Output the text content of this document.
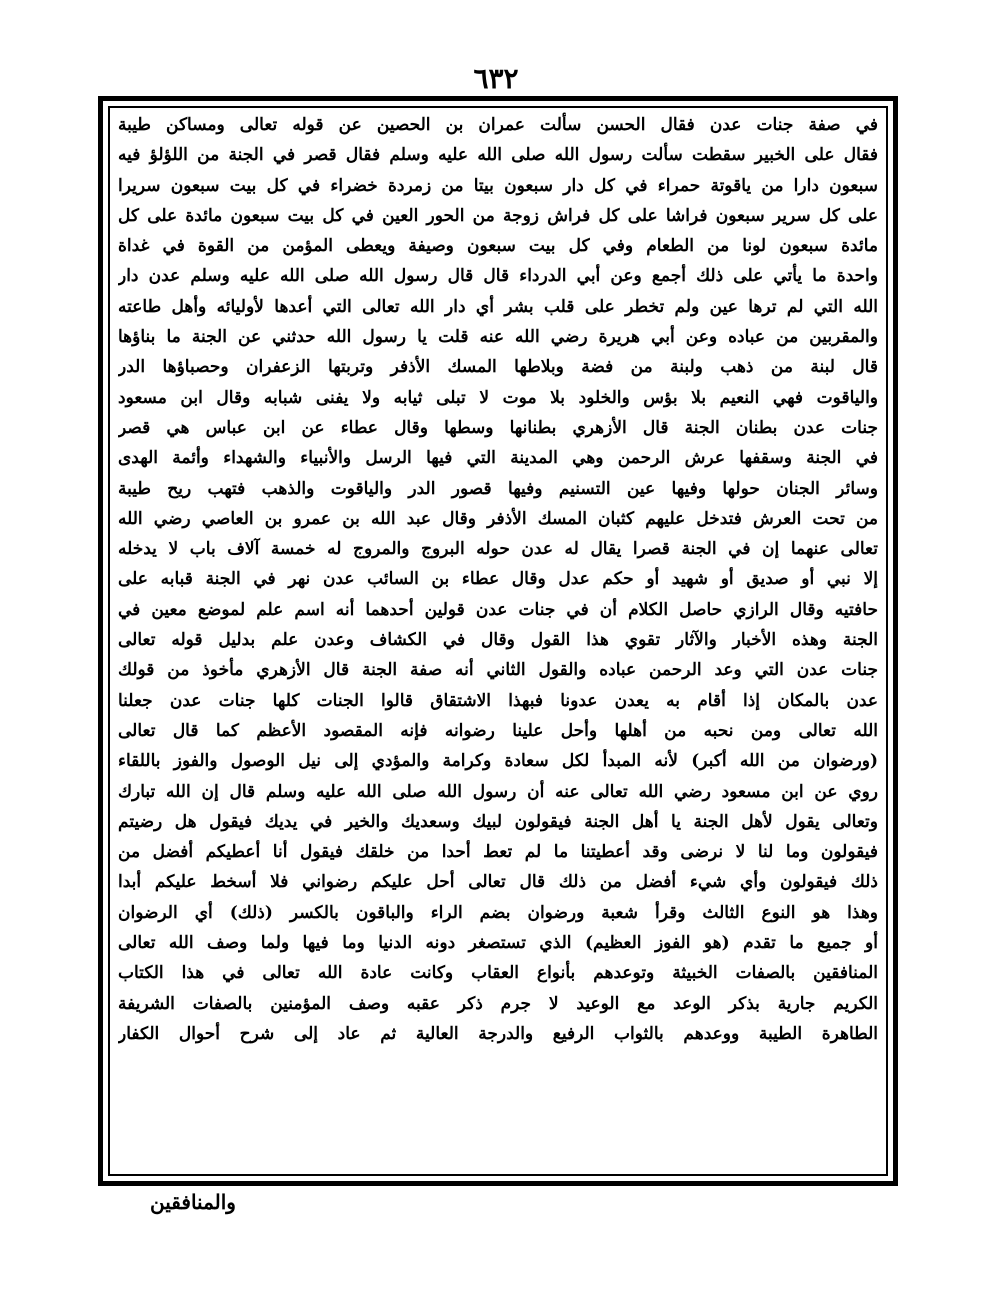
٦٣٢
في صفة جنات عدن فقال الحسن سألت عمران بن الحصين عن قوله تعالى ومساكن طيبة
فقال على الخبير سقطت سألت رسول الله صلى الله عليه وسلم فقال قصر في الجنة من اللؤلؤ فيه
سبعون دارا من ياقوتة حمراء في كل دار سبعون بيتا من زمردة خضراء في كل بيت سبعون سريرا
على كل سرير سبعون فراشا على كل فراش زوجة من الحور العين في كل بيت سبعون مائدة على كل
مائدة سبعون لونا من الطعام وفي كل بيت سبعون وصيفة ويعطى المؤمن من القوة في غداة
واحدة ما يأتي على ذلك أجمع وعن أبي الدرداء قال قال رسول الله صلى الله عليه وسلم عدن دار
الله التي لم ترها عين ولم تخطر على قلب بشر أي دار الله تعالى التي أعدها لأوليائه وأهل طاعته
والمقربين من عباده وعن أبي هريرة رضي الله عنه قلت يا رسول الله حدثني عن الجنة ما بناؤها
قال لبنة من ذهب ولبنة من فضة وبلاطها المسك الأذفر وتربتها الزعفران وحصباؤها الدر
والياقوت فهي النعيم بلا بؤس والخلود بلا موت لا تبلى ثيابه ولا يفنى شبابه وقال ابن مسعود
جنات عدن بطنان الجنة قال الأزهري بطنانها وسطها وقال عطاء عن ابن عباس هي قصر
في الجنة وسقفها عرش الرحمن وهي المدينة التي فيها الرسل والأنبياء والشهداء وأئمة الهدى
وسائر الجنان حولها وفيها عين التسنيم وفيها قصور الدر والياقوت والذهب فتهب ريح طيبة
من تحت العرش فتدخل عليهم كثبان المسك الأذفر وقال عبد الله بن عمرو بن العاصي رضي الله
تعالى عنهما إن في الجنة قصرا يقال له عدن حوله البروج والمروج له خمسة آلاف باب لا يدخله
إلا نبي أو صديق أو شهيد أو حكم عدل وقال عطاء بن السائب عدن نهر في الجنة قبابه على
حافتيه وقال الرازي حاصل الكلام أن في جنات عدن قولين أحدهما أنه اسم علم لموضع معين في
الجنة وهذه الأخبار والآثار تقوي هذا القول وقال في الكشاف وعدن علم بدليل قوله تعالى
جنات عدن التي وعد الرحمن عباده والقول الثاني أنه صفة الجنة قال الأزهري مأخوذ من قولك
عدن بالمكان إذا أقام به يعدن عدونا فبهذا الاشتقاق قالوا الجنات كلها جنات عدن جعلنا
الله تعالى ومن نحبه من أهلها وأحل علينا رضوانه فإنه المقصود الأعظم كما قال تعالى
(ورضوان من الله أكبر) لأنه المبدأ لكل سعادة وكرامة والمؤدي إلى نيل الوصول والفوز باللقاء
روي عن ابن مسعود رضي الله تعالى عنه أن رسول الله صلى الله عليه وسلم قال إن الله تبارك
وتعالى يقول لأهل الجنة يا أهل الجنة فيقولون لبيك وسعديك والخير في يديك فيقول هل رضيتم
فيقولون وما لنا لا نرضى وقد أعطيتنا ما لم تعط أحدا من خلقك فيقول أنا أعطيكم أفضل من
ذلك فيقولون وأي شيء أفضل من ذلك قال تعالى أحل عليكم رضواني فلا أسخط عليكم أبدا
وهذا هو النوع الثالث وقرأ شعبة ورضوان بضم الراء والباقون بالكسر (ذلك) أي الرضوان
أو جميع ما تقدم (هو الفوز العظيم) الذي تستصغر دونه الدنيا وما فيها ولما وصف الله تعالى
المنافقين بالصفات الخبيثة وتوعدهم بأنواع العقاب وكانت عادة الله تعالى في هذا الكتاب
الكريم جارية بذكر الوعد مع الوعيد لا جرم ذكر عقبه وصف المؤمنين بالصفات الشريفة
الطاهرة الطيبة ووعدهم بالثواب الرفيع والدرجة العالية ثم عاد إلى شرح أحوال الكفار
والمنافقين
